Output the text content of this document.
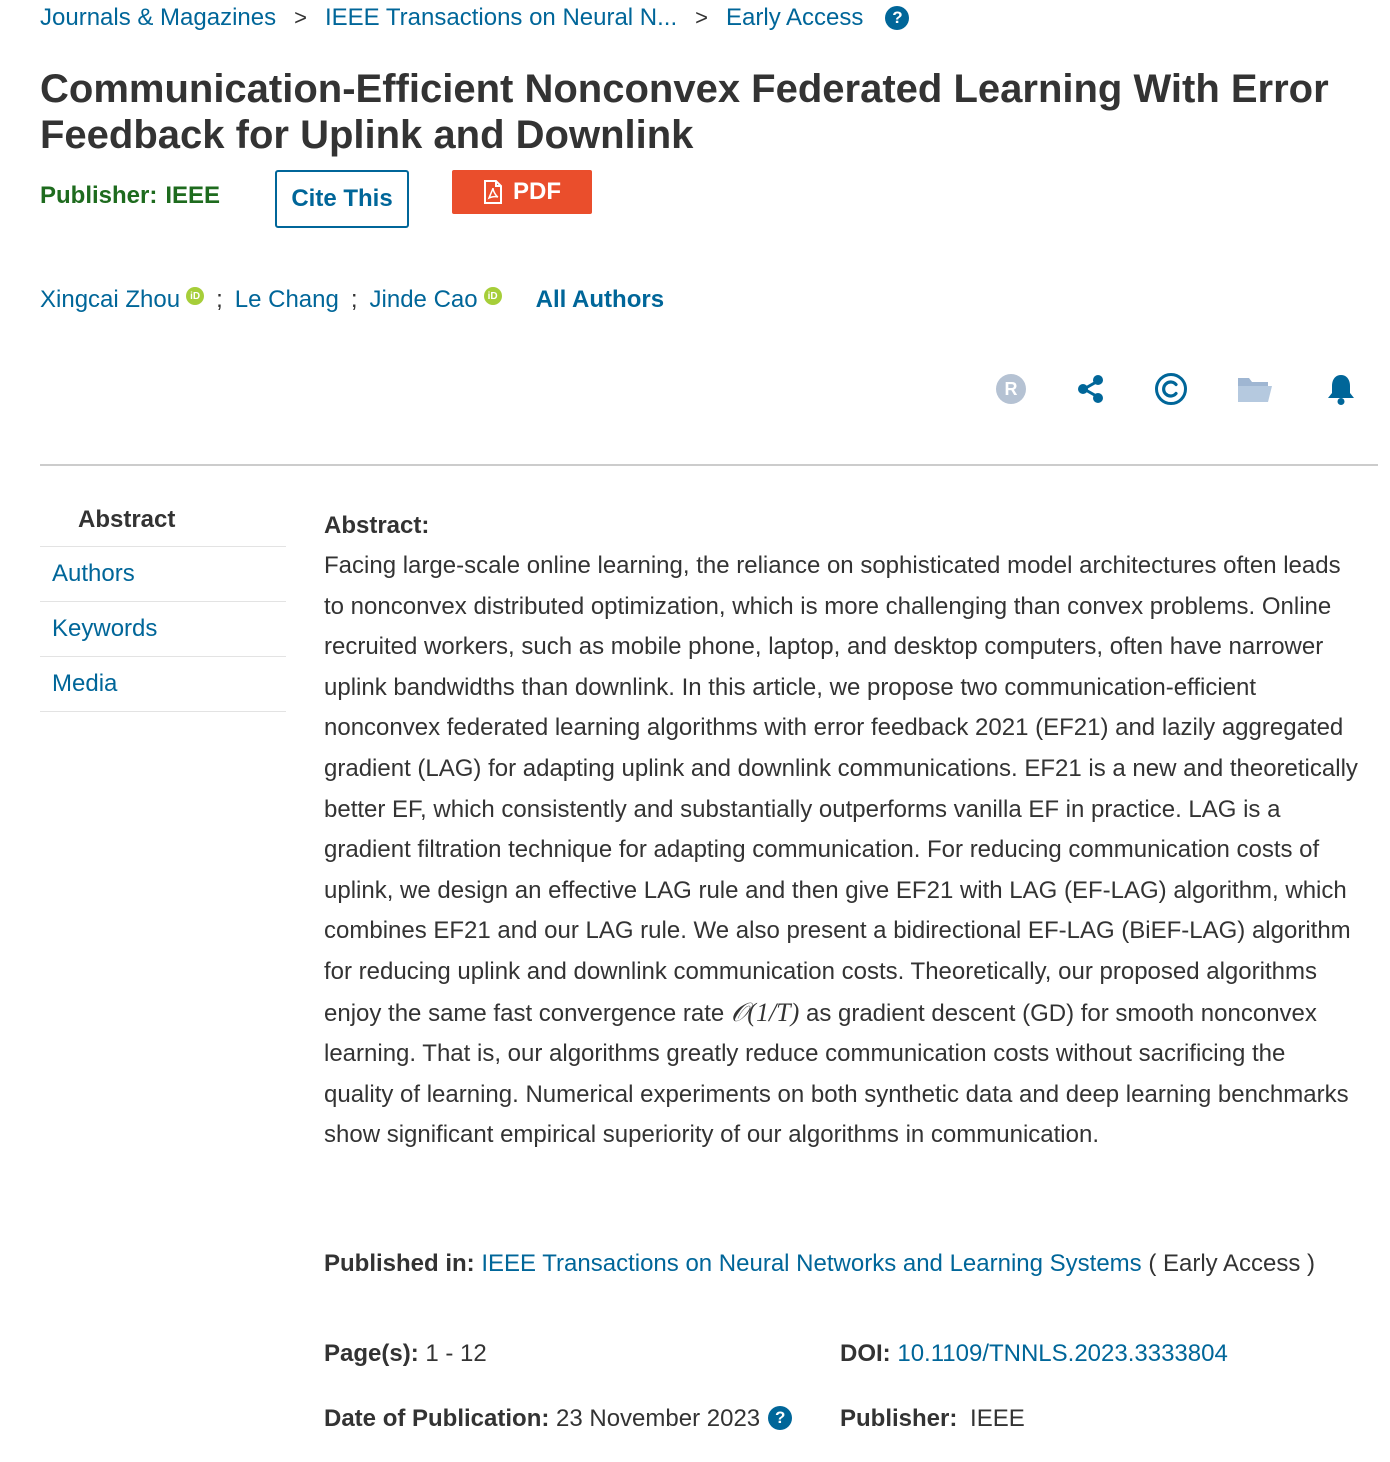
Journals & Magazines > IEEE Transactions on Neural N... > Early Access	?
Communication-Efficient Nonconvex Federated Learning With Error Feedback for Uplink and Downlink
Publisher: IEEE	Cite This	PDF
Xingcai Zhou	iD ; Le Chang ; Jinde Cao	iD All Authors
R
Abstract
Authors
Keywords
Media
Abstract:

Facing large-scale online learning, the reliance on sophisticated model architectures often leads to nonconvex distributed optimization, which is more challenging than convex problems. Online recruited workers, such as mobile phone, laptop, and desktop computers, often have narrower uplink bandwidths than downlink. In this article, we propose two communication-efficient nonconvex federated learning algorithms with error feedback 2021 (EF21) and lazily aggregated gradient (LAG) for adapting uplink and downlink communications. EF21 is a new and theoretically better EF, which consistently and substantially outperforms vanilla EF in practice. LAG is a gradient filtration technique for adapting communication. For reducing communication costs of uplink, we design an effective LAG rule and then give EF21 with LAG (EF-LAG) algorithm, which combines EF21 and our LAG rule. We also present a bidirectional EF-LAG (BiEF-LAG) algorithm for reducing uplink and downlink communication costs. Theoretically, our proposed algorithms enjoy the same fast convergence rate 𝒪(1/T) as gradient descent (GD) for smooth nonconvex learning. That is, our algorithms greatly reduce communication costs without sacrificing the quality of learning. Numerical experiments on both synthetic data and deep learning benchmarks show significant empirical superiority of our algorithms in communication.

Published in: IEEE Transactions on Neural Networks and Learning Systems ( Early Access )
Page(s): 1 - 12	DOI: 10.1109/TNNLS.2023.3333804
Date of Publication: 23 November 2023 ? Publisher: IEEE
